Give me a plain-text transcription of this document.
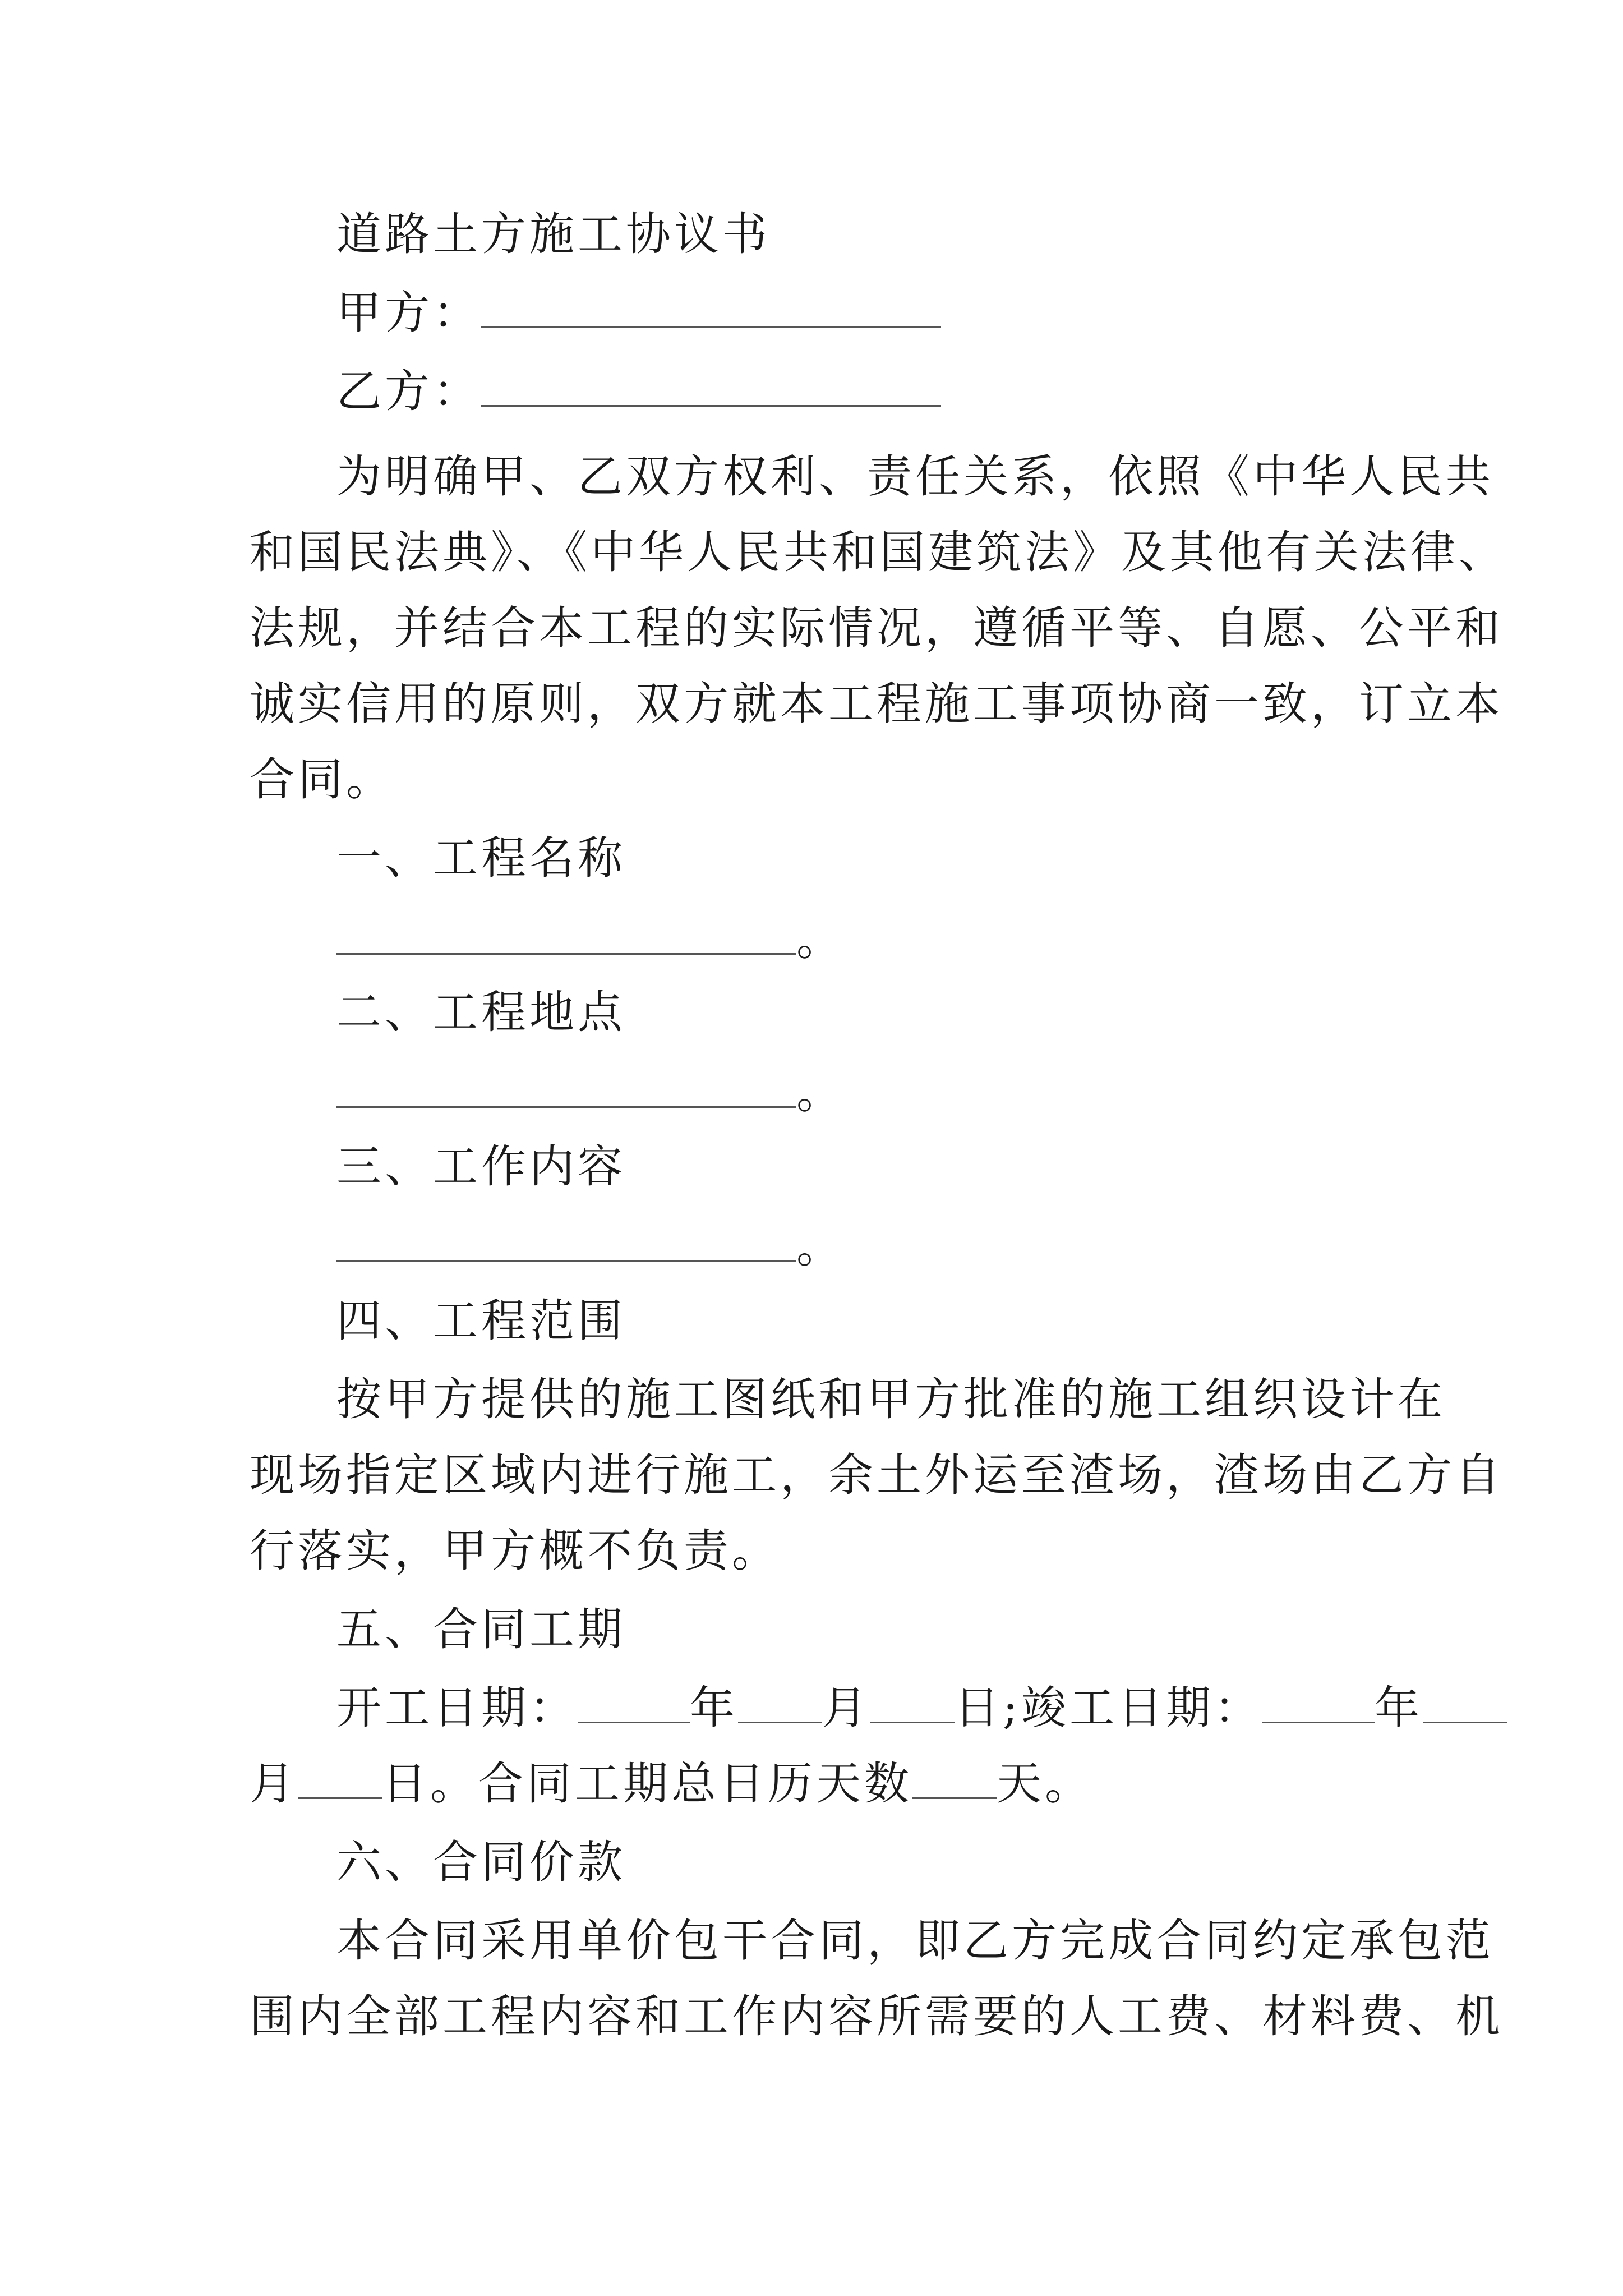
道路土方施工协议书
甲方：
乙方：
为明确甲、乙双方权利、责任关系，依照《中华人民共
和国民法典》、《中华人民共和国建筑法》及其他有关法律、
法规，并结合本工程的实际情况，遵循平等、自愿、公平和
诚实信用的原则，双方就本工程施工事项协商一致，订立本
合同。
一、工程名称
。
二、工程地点
。
三、工作内容
。
四、工程范围
按甲方提供的施工图纸和甲方批准的施工组织设计在
现场指定区域内进行施工，余土外运至渣场，渣场由乙方自
行落实，甲方概不负责。
五、合同工期
开工日期：	年 月 日;竣工日期：	年
月 日。合同工期总日历天数 天。
六、合同价款
本合同采用单价包干合同，即乙方完成合同约定承包范
围内全部工程内容和工作内容所需要的人工费、材料费、机
